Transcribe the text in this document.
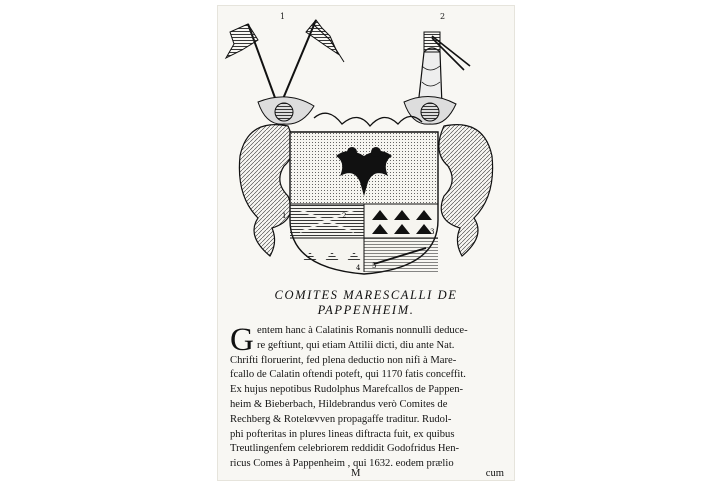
1	2
3
4 5
1	2
COMITES MARESCALLI DE
PAPPENHEIM.
G entem hanc à Calatinis Romanis nonnulli deduce-
re geftiunt, qui etiam Attilii dicti, diu ante Nat.
Chrifti floruerint, fed plena deductio non nifi à Mare-
fcallo de Calatin oftendi poteft, qui 1170 fatis conceffit.
Ex hujus nepotibus Rudolphus Marefcallos de Pappen-
heim & Bieberbach, Hildebrandus verò Comites de
Rechberg & Rotelœvven propagaffe traditur. Rudol-
phi pofteritas in plures lineas diftracta fuit, ex quibus
Treutlingenfem celebriorem reddidit Godofridus Hen-
ricus Comes à Pappenheim , qui 1632. eodem prælio
M	cum
